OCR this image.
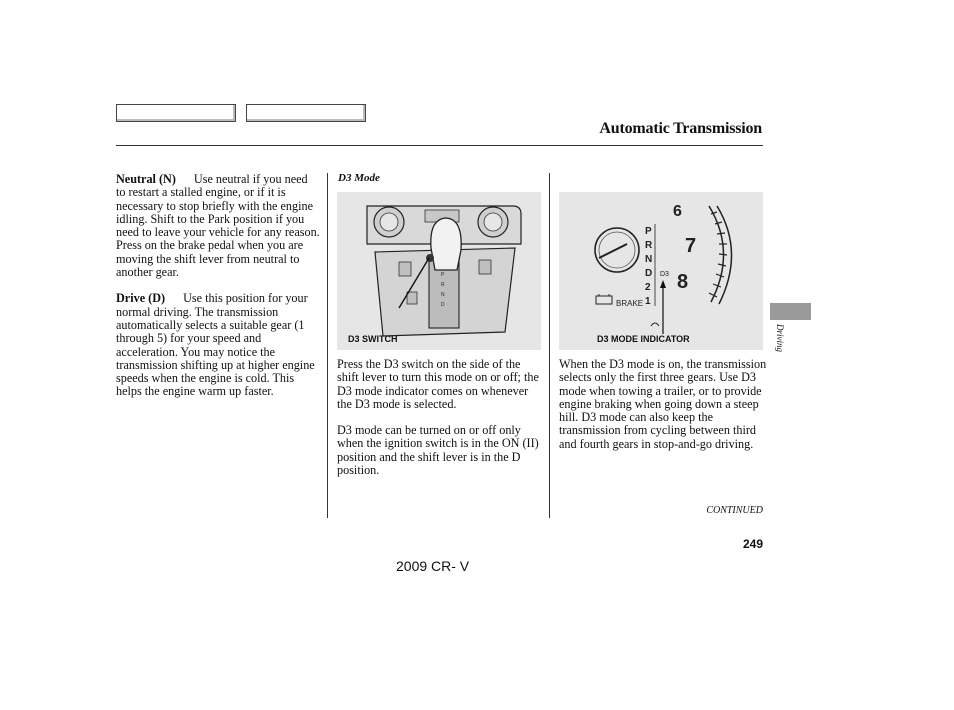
Automatic Transmission

Neutral (N) Use neutral if you need to restart a stalled engine, or if it is necessary to stop briefly with the engine idling. Shift to the Park position if you need to leave your vehicle for any reason. Press on the brake pedal when you are moving the shift lever from neutral to another gear.

Drive (D) Use this position for your normal driving. The transmission automatically selects a suitable gear (1 through 5) for your speed and acceleration. You may notice the transmission shifting up at higher engine speeds when the engine is cold. This helps the engine warm up faster.

D3 Mode
P
R
N
D
D3 SWITCH

Press the D3 switch on the side of the shift lever to turn this mode on or off; the D3 mode indicator comes on whenever the D3 mode is selected.

D3 mode can be turned on or off only when the ignition switch is in the ON (II) position and the shift lever is in the D position.

6
7
8
P
R
N
D
2
1
D3
BRAKE
D3 MODE INDICATOR

When the D3 mode is on, the transmission selects only the first three gears. Use D3 mode when towing a trailer, or to provide engine braking when going down a steep hill. D3 mode can also keep the transmission from cycling between third and fourth gears in stop-and-go driving.

Driving
CONTINUED
249
2009 CR- V
